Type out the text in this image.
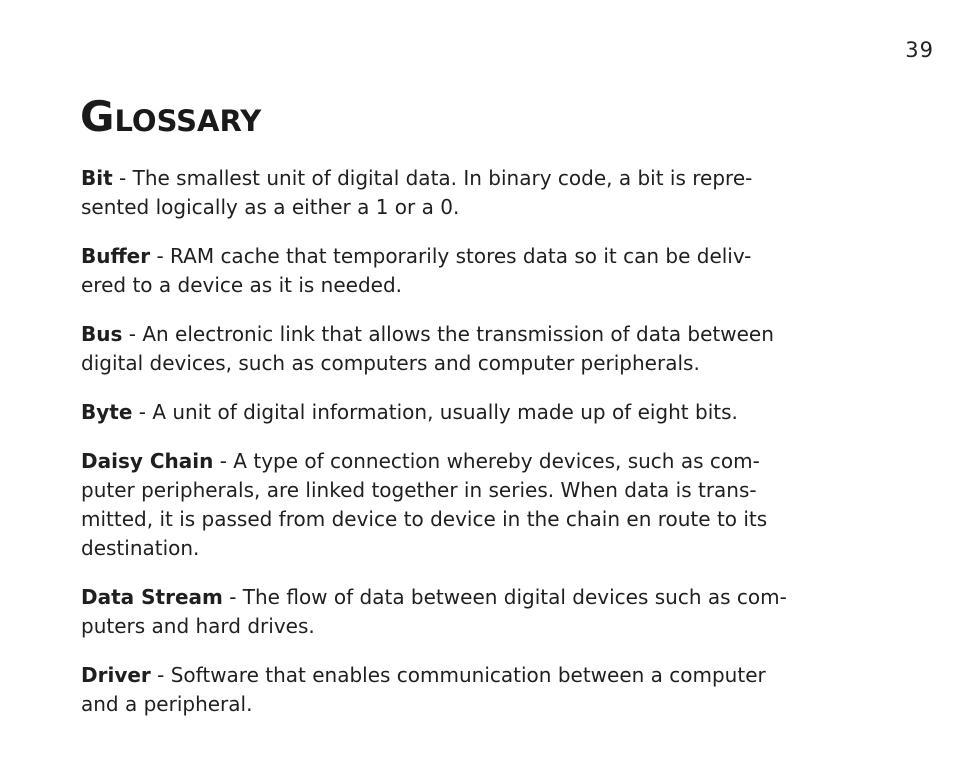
39
Glossary

Bit - The smallest unit of digital data. In binary code, a bit is repre-
sented logically as a either a 1 or a 0.

Buffer - RAM cache that temporarily stores data so it can be deliv-
ered to a device as it is needed.

Bus - An electronic link that allows the transmission of data between
digital devices, such as computers and computer peripherals.

Byte - A unit of digital information, usually made up of eight bits.

Daisy Chain - A type of connection whereby devices, such as com-
puter peripherals, are linked together in series. When data is trans-
mitted, it is passed from device to device in the chain en route to its
destination.

Data Stream - The flow of data between digital devices such as com-
puters and hard drives.

Driver - Software that enables communication between a computer
and a peripheral.
